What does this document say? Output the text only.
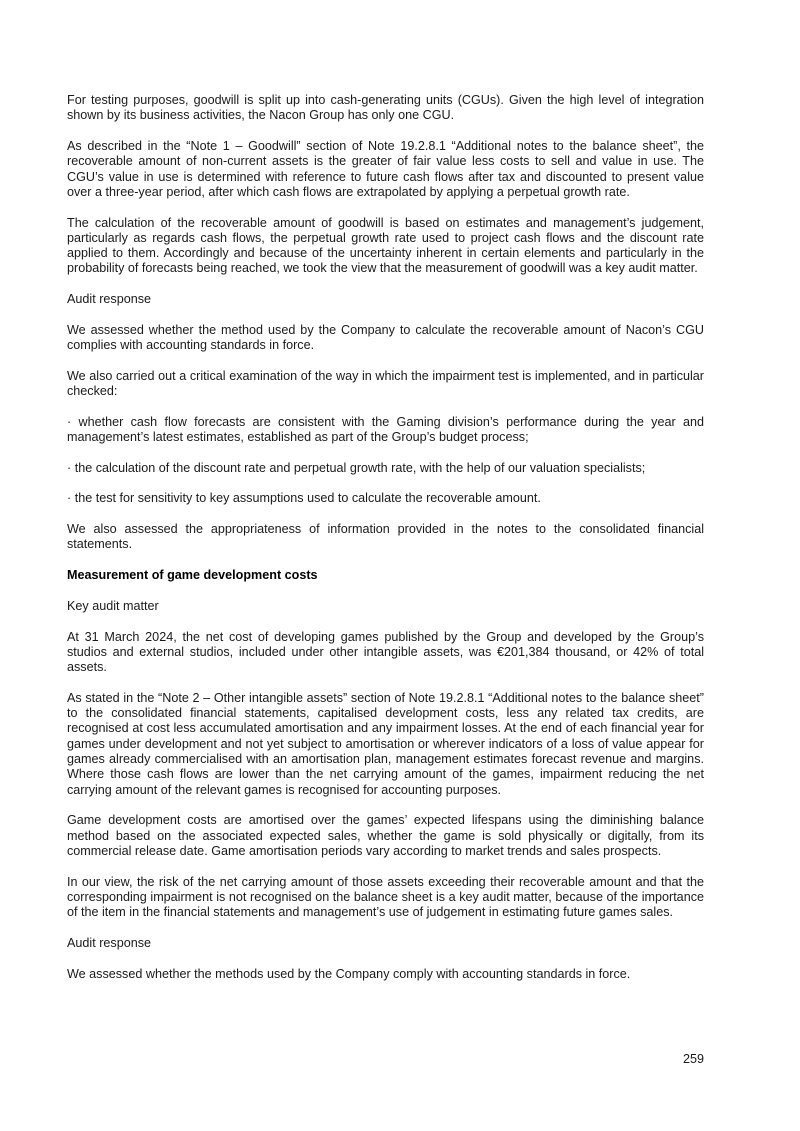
For testing purposes, goodwill is split up into cash-generating units (CGUs). Given the high level of integration shown by its business activities, the Nacon Group has only one CGU.

As described in the “Note 1 – Goodwill” section of Note 19.2.8.1 “Additional notes to the balance sheet”, the recoverable amount of non-current assets is the greater of fair value less costs to sell and value in use. The CGU’s value in use is determined with reference to future cash flows after tax and discounted to present value over a three-year period, after which cash flows are extrapolated by applying a perpetual growth rate.

The calculation of the recoverable amount of goodwill is based on estimates and management’s judgement, particularly as regards cash flows, the perpetual growth rate used to project cash flows and the discount rate applied to them. Accordingly and because of the uncertainty inherent in certain elements and particularly in the probability of forecasts being reached, we took the view that the measurement of goodwill was a key audit matter.

Audit response

We assessed whether the method used by the Company to calculate the recoverable amount of Nacon’s CGU complies with accounting standards in force.

We also carried out a critical examination of the way in which the impairment test is implemented, and in particular checked:

· whether cash flow forecasts are consistent with the Gaming division’s performance during the year and management’s latest estimates, established as part of the Group’s budget process;

· the calculation of the discount rate and perpetual growth rate, with the help of our valuation specialists;

· the test for sensitivity to key assumptions used to calculate the recoverable amount.

We also assessed the appropriateness of information provided in the notes to the consolidated financial statements.

Measurement of game development costs

Key audit matter

At 31 March 2024, the net cost of developing games published by the Group and developed by the Group’s studios and external studios, included under other intangible assets, was €201,384 thousand, or 42% of total assets.

As stated in the “Note 2 – Other intangible assets” section of Note 19.2.8.1 “Additional notes to the balance sheet” to the consolidated financial statements, capitalised development costs, less any related tax credits, are recognised at cost less accumulated amortisation and any impairment losses. At the end of each financial year for games under development and not yet subject to amortisation or wherever indicators of a loss of value appear for games already commercialised with an amortisation plan, management estimates forecast revenue and margins. Where those cash flows are lower than the net carrying amount of the games, impairment reducing the net carrying amount of the relevant games is recognised for accounting purposes.

Game development costs are amortised over the games’ expected lifespans using the diminishing balance method based on the associated expected sales, whether the game is sold physically or digitally, from its commercial release date. Game amortisation periods vary according to market trends and sales prospects.

In our view, the risk of the net carrying amount of those assets exceeding their recoverable amount and that the corresponding impairment is not recognised on the balance sheet is a key audit matter, because of the importance of the item in the financial statements and management’s use of judgement in estimating future games sales.

Audit response

We assessed whether the methods used by the Company comply with accounting standards in force.

259
